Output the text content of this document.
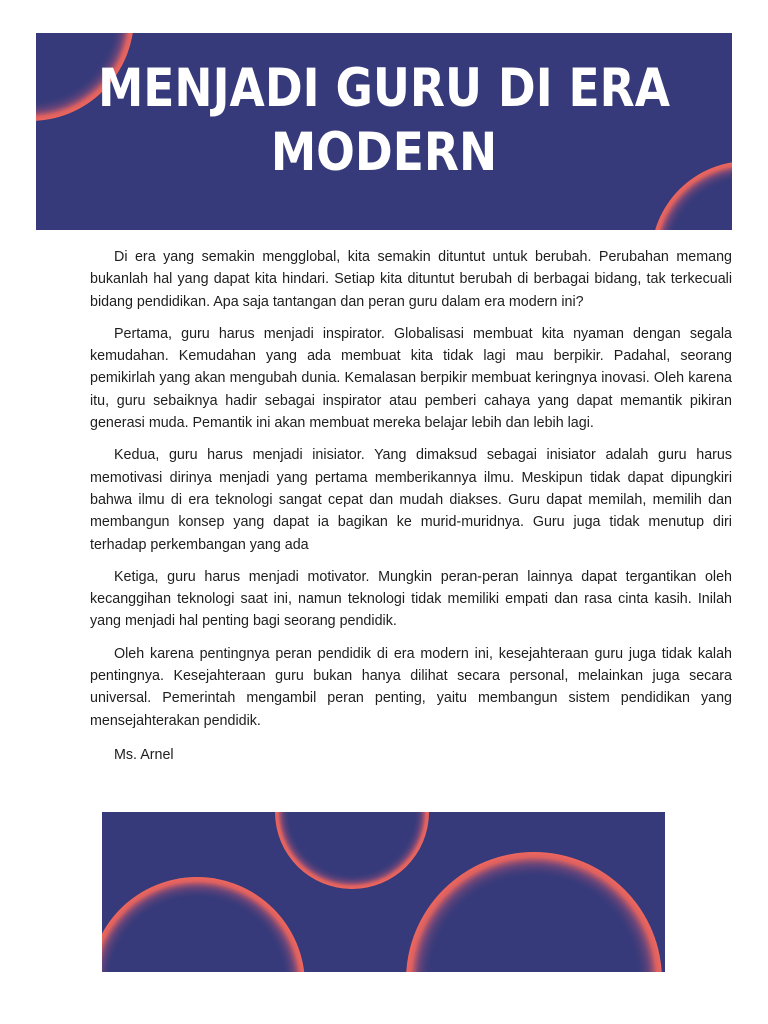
MENJADI GURU DI ERA
MODERN

Di era yang semakin mengglobal, kita semakin dituntut untuk berubah. Perubahan memang bukanlah hal yang dapat kita hindari. Setiap kita dituntut berubah di berbagai bidang, tak terkecuali bidang pendidikan. Apa saja tantangan dan peran guru dalam era modern ini?

Pertama, guru harus menjadi inspirator. Globalisasi membuat kita nyaman dengan segala kemudahan. Kemudahan yang ada membuat kita tidak lagi mau berpikir. Padahal, seorang pemikirlah yang akan mengubah dunia. Kemalasan berpikir membuat keringnya inovasi. Oleh karena itu, guru sebaiknya hadir sebagai inspirator atau pemberi cahaya yang dapat memantik pikiran generasi muda. Pemantik ini akan membuat mereka belajar lebih dan lebih lagi.

Kedua, guru harus menjadi inisiator. Yang dimaksud sebagai inisiator adalah guru harus memotivasi dirinya menjadi yang pertama memberikannya ilmu. Meskipun tidak dapat dipungkiri bahwa ilmu di era teknologi sangat cepat dan mudah diakses. Guru dapat memilah, memilih dan membangun konsep yang dapat ia bagikan ke murid-muridnya. Guru juga tidak menutup diri terhadap perkembangan yang ada

Ketiga, guru harus menjadi motivator. Mungkin peran-peran lainnya dapat tergantikan oleh kecanggihan teknologi saat ini, namun teknologi tidak memiliki empati dan rasa cinta kasih. Inilah yang menjadi hal penting bagi seorang pendidik.

Oleh karena pentingnya peran pendidik di era modern ini, kesejahteraan guru juga tidak kalah pentingnya. Kesejahteraan guru bukan hanya dilihat secara personal, melainkan juga secara universal. Pemerintah mengambil peran penting, yaitu membangun sistem pendidikan yang mensejahterakan pendidik.

Ms. Arnel
